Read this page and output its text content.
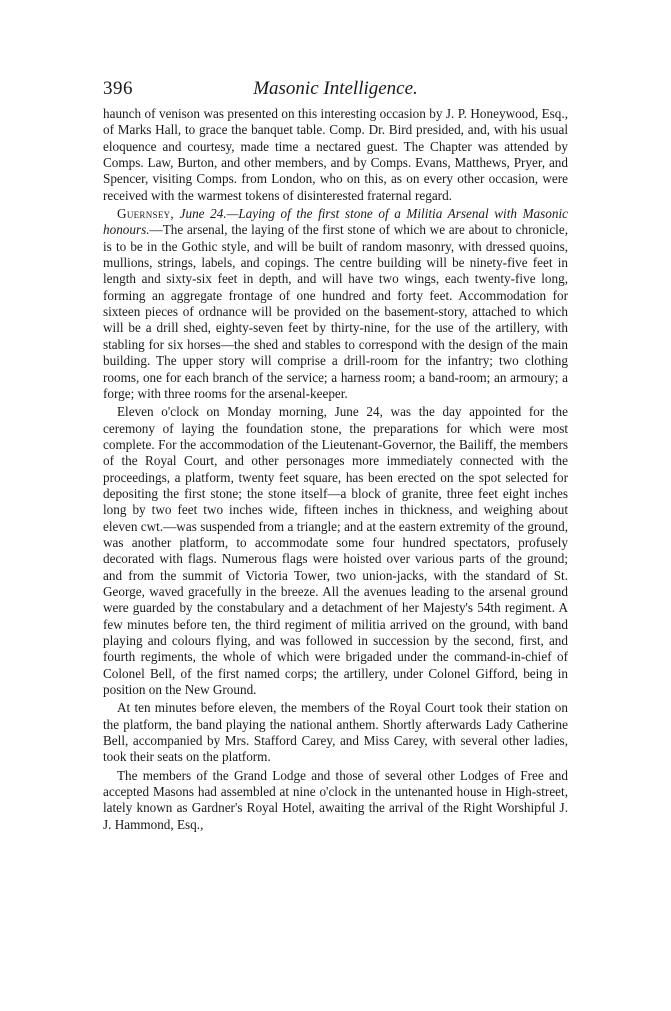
396	Masonic Intelligence.

haunch of venison was presented on this interesting occasion by J. P. Honeywood, Esq., of Marks Hall, to grace the banquet table. Comp. Dr. Bird presided, and, with his usual eloquence and courtesy, made time a nectared guest. The Chapter was attended by Comps. Law, Burton, and other members, and by Comps. Evans, Matthews, Pryer, and Spencer, visiting Comps. from London, who on this, as on every other occasion, were received with the warmest tokens of disinterested fraternal regard.

Guernsey, June 24.—Laying of the first stone of a Militia Arsenal with Masonic honours.—The arsenal, the laying of the first stone of which we are about to chronicle, is to be in the Gothic style, and will be built of random masonry, with dressed quoins, mullions, strings, labels, and copings. The centre building will be ninety-five feet in length and sixty-six feet in depth, and will have two wings, each twenty-five long, forming an aggregate frontage of one hundred and forty feet. Accommodation for sixteen pieces of ordnance will be provided on the basement-story, attached to which will be a drill shed, eighty-seven feet by thirty-nine, for the use of the artillery, with stabling for six horses—the shed and stables to correspond with the design of the main building. The upper story will comprise a drill-room for the infantry; two clothing rooms, one for each branch of the service; a harness room; a band-room; an armoury; a forge; with three rooms for the arsenal-keeper.

Eleven o'clock on Monday morning, June 24, was the day appointed for the ceremony of laying the foundation stone, the preparations for which were most complete. For the accommodation of the Lieutenant-Governor, the Bailiff, the members of the Royal Court, and other personages more immediately connected with the proceedings, a platform, twenty feet square, has been erected on the spot selected for depositing the first stone; the stone itself—a block of granite, three feet eight inches long by two feet two inches wide, fifteen inches in thickness, and weighing about eleven cwt.—was suspended from a triangle; and at the eastern extremity of the ground, was another platform, to accommodate some four hundred spectators, profusely decorated with flags. Numerous flags were hoisted over various parts of the ground; and from the summit of Victoria Tower, two union-jacks, with the standard of St. George, waved gracefully in the breeze. All the avenues leading to the arsenal ground were guarded by the constabulary and a detachment of her Majesty's 54th regiment. A few minutes before ten, the third regiment of militia arrived on the ground, with band playing and colours flying, and was followed in succession by the second, first, and fourth regiments, the whole of which were brigaded under the command-in-chief of Colonel Bell, of the first named corps; the artillery, under Colonel Gifford, being in position on the New Ground.

At ten minutes before eleven, the members of the Royal Court took their station on the platform, the band playing the national anthem. Shortly afterwards Lady Catherine Bell, accompanied by Mrs. Stafford Carey, and Miss Carey, with several other ladies, took their seats on the platform.

The members of the Grand Lodge and those of several other Lodges of Free and accepted Masons had assembled at nine o'clock in the untenanted house in High-street, lately known as Gardner's Royal Hotel, awaiting the arrival of the Right Worshipful J. J. Hammond, Esq.,
